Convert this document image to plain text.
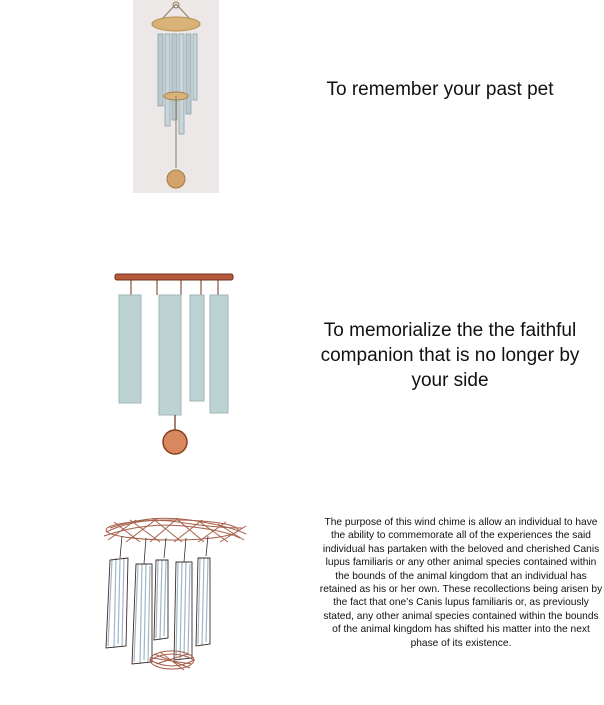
To remember your past pet
To memorialize the the faithful companion that is no longer by your side
The purpose of this wind chime is allow an individual to have the ability to commemorate all of the experiences the said individual has partaken with the beloved and cherished Canis lupus familiaris or any other animal species contained within the bounds of the animal kingdom that an individual has retained as his or her own. These recollections being arisen by the fact that one’s Canis lupus familiaris or, as previously stated, any other animal species contained within the bounds of the animal kingdom has shifted his matter into the next phase of its existence.
